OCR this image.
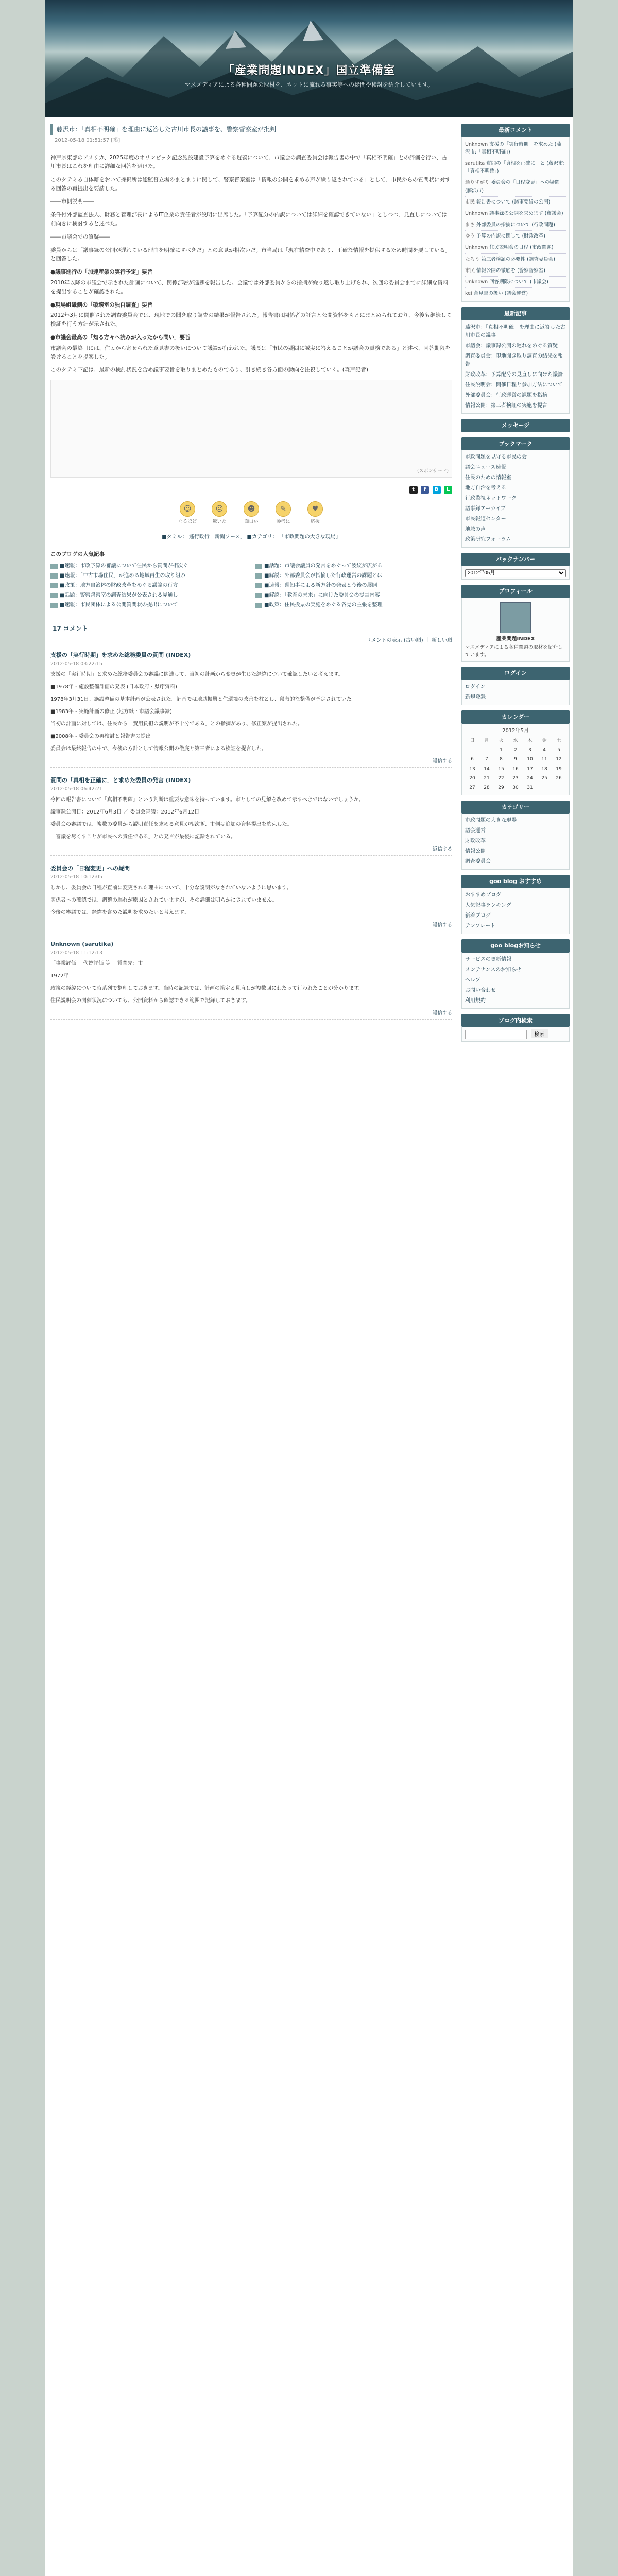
「産業問題INDEX」国立準備室
マスメディアによる各種問題の取材を、ネットに流れる事実等への疑問や検討を紹介しています。
藤沢市：「真相不明確」を理由に返答した古川市長の議事を、警察督察室が批判
2012-05-18 01:51:57 [掲]

神戸県東部のアメリカ、2025年度のオリンピック記念施設建設予算をめぐる疑義について、市議会の調査委員会は報告書の中で「真相不明確」との評価を行い、古川市長はこれを理由に詳細な回答を避けた。

このタテミる自体暗をおいて採択所は総監督立場のまとまりに関して、警察督察室は「情報の公開を求める声が繰り返されている」として、市民からの質問状に対する回答の再提出を要請した。

――市側説明――

条件付外部監査法人、財務と管理部長によるIT企業の責任者が説明に出席した。「予算配分の内訳については詳細を確認できていない」としつつ、見直しについては前向きに検討すると述べた。

――市議会での質疑――

委員からは「議事録の公開が遅れている理由を明確にすべきだ」との意見が相次いだ。市当局は「現在精査中であり、正確な情報を提供するため時間を要している」と回答した。

●議事進行の「加速産業の実行予定」要旨

2010年以降の市議会で示された計画について、関係部署が進捗を報告した。会議では外部委員からの指摘が繰り返し取り上げられ、次回の委員会までに詳細な資料を提出することが確認された。

●現場組織側の「破壊室の独自調査」要旨

2012年3月に開催された調査委員会では、現地での聞き取り調査の結果が報告された。報告書は関係者の証言と公開資料をもとにまとめられており、今後も継続して検証を行う方針が示された。

●市議会最高の「知る方々へ読みが入ったから問い」要旨

市議会の最終日には、住民から寄せられた意見書の扱いについて議論が行われた。議長は「市民の疑問に誠実に答えることが議会の責務である」と述べ、回答期限を設けることを提案した。

このタテミ下記は、最新の検討状況を含め議事要旨を取りまとめたものであり、引き続き各方面の動向を注視していく。(森戸記者)

(スポンサード)
t f B L
☺
なるほど
☹
驚いた
☻
面白い
✎
参考に
♥
応援
■タミル： 逃行政行「新聞ソース」 ■カテゴリ： 「市政問題の大きな現場」
このブログの人気記事
■速報：市政予算の審議について住民から質問が相次ぐ	■話題：市議会議員の発言をめぐって波紋が広がる
■速報：「中古市場住民」が進める地域再生の取り組み	■解説：外部委員会が指摘した行政運営の課題とは
■政策：地方自治体の財政改革をめぐる議論の行方	■速報：県知事による新方針の発表と今後の展開
■話題：警察督察室の調査結果が公表される見通し	■解説：「教育の未来」に向けた委員会の提言内容
■速報：市民団体による公開質問状の提出について	■政策：住民投票の実施をめぐる各党の主張を整理
17 コメント
コメントの表示 (古い順) ｜ 新しい順
支援の「実行時期」を求めた総務委員の質問 (INDEX)
2012-05-18 03:22:15

支援の「実行時期」と求めた総務委員会の審議に関連して、当初の計画から変更が生じた経緯について確認したいと考えます。

■1978年 - 施設整備計画の発表 (日本政府・県庁資料)

1978年3月31日、施設整備の基本計画が公表された。計画では地域振興と住環境の改善を柱とし、段階的な整備が予定されていた。

■1983年 - 実施計画の修正 (地方紙・市議会議事録)

当初の計画に対しては、住民から「費用負担の説明が不十分である」との指摘があり、修正案が提出された。

■2008年 - 委員会の再検討と報告書の提出

委員会は最終報告の中で、今後の方針として情報公開の徹底と第三者による検証を提言した。

返信する
質問の「真相を正確に」と求めた委員の発言 (INDEX)
2012-05-18 06:42:21

今回の報告書について「真相不明確」という判断は重要な意味を持っています。市としての見解を改めて示すべきではないでしょうか。

議事録公開日：2012年6月3日 ／ 委員会審議：2012年6月12日

委員会の審議では、複数の委員から説明責任を求める意見が相次ぎ、市側は追加の資料提出を約束した。

「審議を尽くすことが市民への責任である」との発言が最後に記録されている。

返信する
委員会の「日程変更」への疑問
2012-05-18 10:12:05

しかし、委員会の日程が直前に変更された理由について、十分な説明がなされていないように思います。

関係者への確認では、調整の遅れが原因とされていますが、その詳細は明らかにされていません。

今後の審議では、経緯を含めた説明を求めたいと考えます。

返信する
Unknown (sarutika)
2012-05-18 11:12:13

「事業評価」 代替評価 等 　質問先：市

1972年

政策の経緯について時系列で整理しておきます。当時の記録では、計画の策定と見直しが複数回にわたって行われたことが分かります。

住民説明会の開催状況についても、公開資料から確認できる範囲で記録しておきます。

返信する
最新コメント
Unknown 支援の「実行時期」を求めた (藤沢市:「真相不明確」)
sarutika 質問の「真相を正確に」と (藤沢市:「真相不明確」)
通りすがり 委員会の「日程変更」への疑問 (藤沢市)
市民 報告書について (議事要旨の公開)
Unknown 議事録の公開を求めます (市議会)
まさ 外部委員の指摘について (行政問題)
ゆう 予算の内訳に関して (財政改革)
Unknown 住民説明会の日程 (市政問題)
たろう 第三者検証の必要性 (調査委員会)
市民 情報公開の徹底を (警察督察室)
Unknown 回答期限について (市議会)
kei 意見書の扱い (議会運営)
最新記事
藤沢市：「真相不明確」を理由に返答した古川市長の議事
市議会：議事録公開の遅れをめぐる質疑
調査委員会：現地聞き取り調査の結果を報告
財政改革：予算配分の見直しに向けた議論
住民説明会：開催日程と参加方法について
外部委員会：行政運営の課題を指摘
情報公開：第三者検証の実施を提言
メッセージ
ブックマーク
市政問題を見守る市民の会
議会ニュース速報
住民のための情報室
地方自治を考える
行政監視ネットワーク
議事録アーカイブ
市民報道センター
地域の声
政策研究フォーラム
バックナンバー
2012年05月
プロフィール
産業問題INDEX
マスメディアによる各種問題の取材を紹介しています。
ログイン
ログイン
新規登録
カレンダー
2012年5月
日	月	火	水	木	金	土
		1	2	3	4	5
6	7	8	9	10	11	12
13	14	15	16	17	18	19
20	21	22	23	24	25	26
27	28	29	30	31		
カテゴリー
市政問題の大きな現場
議会運営
財政改革
情報公開
調査委員会
goo blog おすすめ
おすすめブログ
人気記事ランキング
新着ブログ
テンプレート
goo blogお知らせ
サービスの更新情報
メンテナンスのお知らせ
ヘルプ
お問い合わせ
利用規約
ブログ内検索
検索
